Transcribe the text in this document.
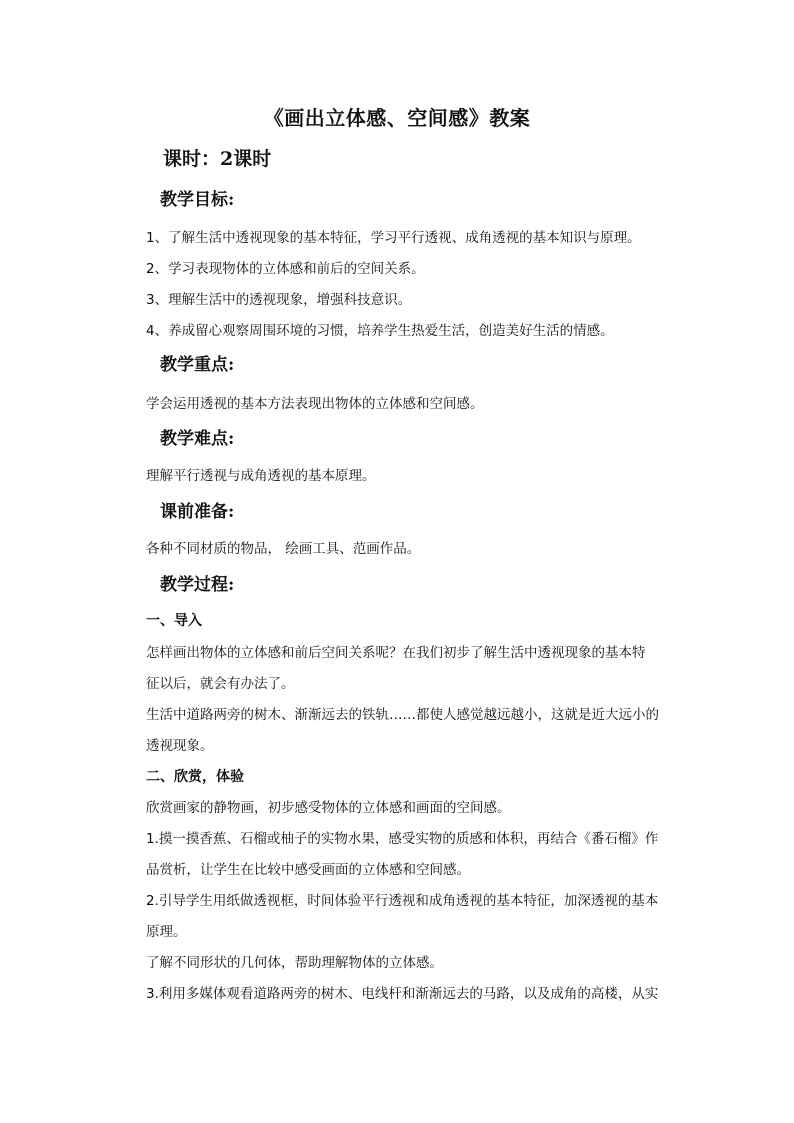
《画出立体感、空间感》教案
课时：2课时
教学目标:
1、了解生活中透视现象的基本特征，学习平行透视、成角透视的基本知识与原理。
2、学习表现物体的立体感和前后的空间关系。
3、理解生活中的透视现象，增强科技意识。
4、养成留心观察周围环境的习惯，培养学生热爱生活，创造美好生活的情感。
教学重点:
学会运用透视的基本方法表现出物体的立体感和空间感。
教学难点:
理解平行透视与成角透视的基本原理。
课前准备:
各种不同材质的物品， 绘画工具、范画作品。
教学过程:
一、导入
怎样画出物体的立体感和前后空间关系呢？在我们初步了解生活中透视现象的基本特
征以后，就会有办法了。
生活中道路两旁的树木、渐渐远去的铁轨……都使人感觉越远越小，这就是近大远小的
透视现象。
二、欣赏，体验
欣赏画家的静物画，初步感受物体的立体感和画面的空间感。
1.摸一摸香蕉、石榴或柚子的实物水果，感受实物的质感和体积，再结合《番石榴》作
品赏析，让学生在比较中感受画面的立体感和空间感。
2.引导学生用纸做透视框，时间体验平行透视和成角透视的基本特征，加深透视的基本
原理。
了解不同形状的几何体，帮助理解物体的立体感。
3.利用多媒体观看道路两旁的树木、电线杆和渐渐远去的马路，以及成角的高楼，从实
